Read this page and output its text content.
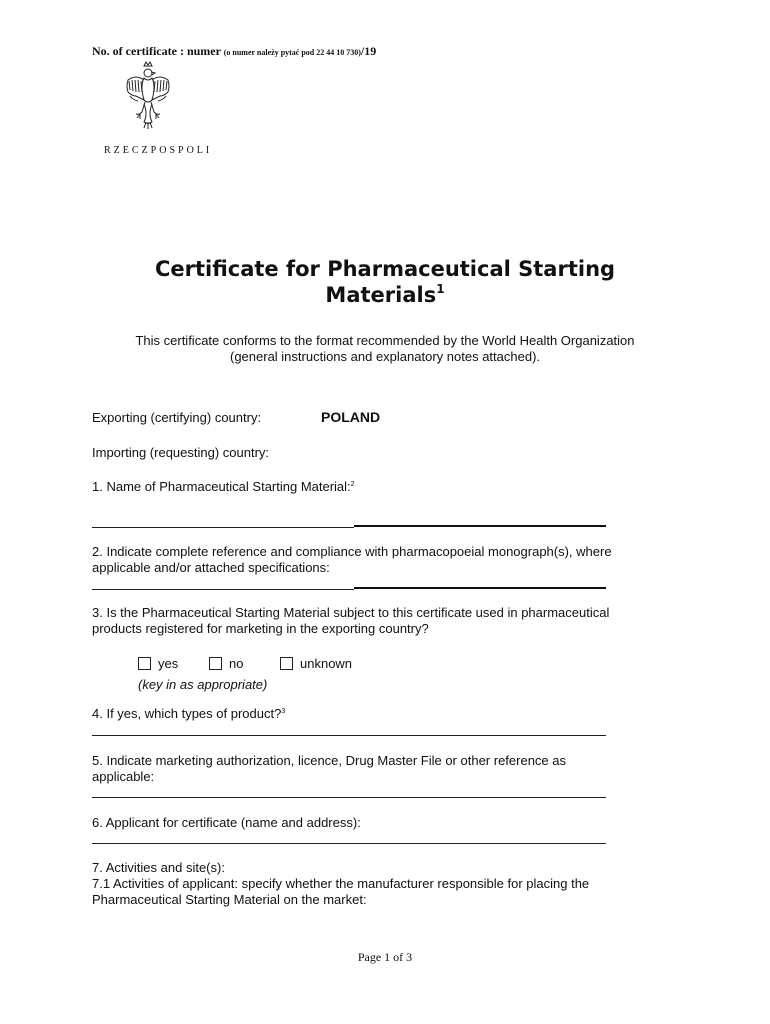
No. of certificate : numer (o numer należy pytać pod 22 44 10 730)/19
RZECZPOSPOLI
Certificate for Pharmaceutical Starting
Materials$^1$
This certificate conforms to the format recommended by the World Health Organization
(general instructions and explanatory notes attached).
Exporting (certifying) country:	POLAND
Importing (requesting) country:
1. Name of Pharmaceutical Starting Material:$^2$
2. Indicate complete reference and compliance with pharmacopoeial monograph(s), where
applicable and/or attached specifications:
3. Is the Pharmaceutical Starting Material subject to this certificate used in pharmaceutical
products registered for marketing in the exporting country?
yes	no	unknown
(key in as appropriate)
4. If yes, which types of product?$^3$
5. Indicate marketing authorization, licence, Drug Master File or other reference as
applicable:
6. Applicant for certificate (name and address):
7. Activities and site(s):
7.1 Activities of applicant: specify whether the manufacturer responsible for placing the
Pharmaceutical Starting Material on the market:
Page 1 of 3
